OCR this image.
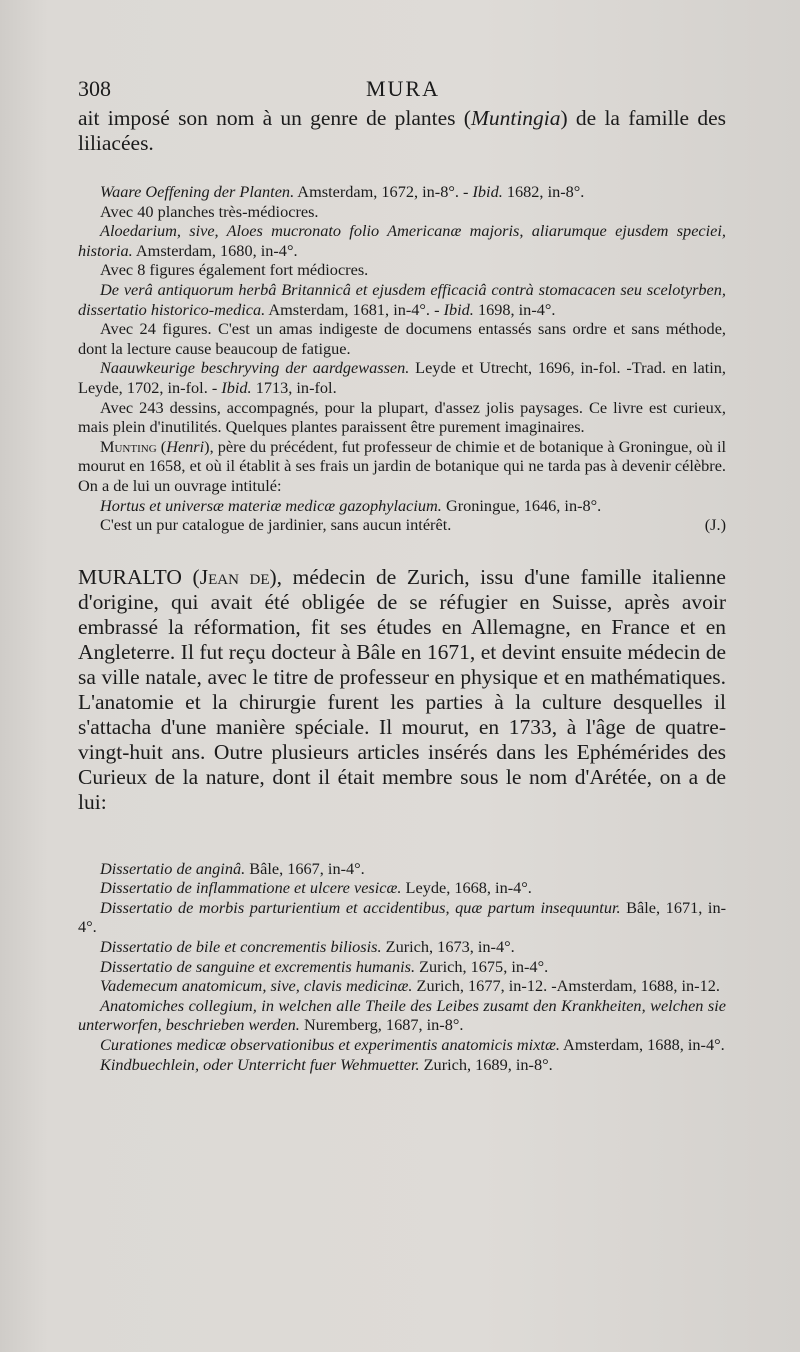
308	MURA

ait imposé son nom à un genre de plantes (Muntingia) de la famille des liliacées.

Waare Oeffening der Planten. Amsterdam, 1672, in-8°. - Ibid. 1682, in-8°.

Avec 40 planches très-médiocres.

Aloedarium, sive, Aloes mucronato folio Americanæ majoris, aliarumque ejusdem speciei, historia. Amsterdam, 1680, in-4°.

Avec 8 figures également fort médiocres.

De verâ antiquorum herbâ Britannicâ et ejusdem efficaciâ contrà stomacacen seu scelotyrben, dissertatio historico-medica. Amsterdam, 1681, in-4°. - Ibid. 1698, in-4°.

Avec 24 figures. C'est un amas indigeste de documens entassés sans ordre et sans méthode, dont la lecture cause beaucoup de fatigue.

Naauwkeurige beschryving der aardgewassen. Leyde et Utrecht, 1696, in-fol. -Trad. en latin, Leyde, 1702, in-fol. - Ibid. 1713, in-fol.

Avec 243 dessins, accompagnés, pour la plupart, d'assez jolis paysages. Ce livre est curieux, mais plein d'inutilités. Quelques plantes paraissent être purement imaginaires.

Munting (Henri), père du précédent, fut professeur de chimie et de botanique à Groningue, où il mourut en 1658, et où il établit à ses frais un jardin de botanique qui ne tarda pas à devenir célèbre. On a de lui un ouvrage intitulé:

Hortus et universæ materiæ medicæ gazophylacium. Groningue, 1646, in-8°.

C'est un pur catalogue de jardinier, sans aucun intérêt.	(J.)

MURALTO (Jean de), médecin de Zurich, issu d'une famille italienne d'origine, qui avait été obligée de se réfugier en Suisse, après avoir embrassé la réformation, fit ses études en Allemagne, en France et en Angleterre. Il fut reçu docteur à Bâle en 1671, et devint ensuite médecin de sa ville natale, avec le titre de professeur en physique et en mathématiques. L'anatomie et la chirurgie furent les parties à la culture desquelles il s'attacha d'une manière spéciale. Il mourut, en 1733, à l'âge de quatre-vingt-huit ans. Outre plusieurs articles insérés dans les Ephémérides des Curieux de la nature, dont il était membre sous le nom d'Arétée, on a de lui:

Dissertatio de anginâ. Bâle, 1667, in-4°.

Dissertatio de inflammatione et ulcere vesicæ. Leyde, 1668, in-4°.

Dissertatio de morbis parturientium et accidentibus, quæ partum insequuntur. Bâle, 1671, in-4°.

Dissertatio de bile et concrementis biliosis. Zurich, 1673, in-4°.

Dissertatio de sanguine et excrementis humanis. Zurich, 1675, in-4°.

Vademecum anatomicum, sive, clavis medicinæ. Zurich, 1677, in-12. -Amsterdam, 1688, in-12.

Anatomiches collegium, in welchen alle Theile des Leibes zusamt den Krankheiten, welchen sie unterworfen, beschrieben werden. Nuremberg, 1687, in-8°.

Curationes medicæ observationibus et experimentis anatomicis mixtæ. Amsterdam, 1688, in-4°.

Kindbuechlein, oder Unterricht fuer Wehmuetter. Zurich, 1689, in-8°.
